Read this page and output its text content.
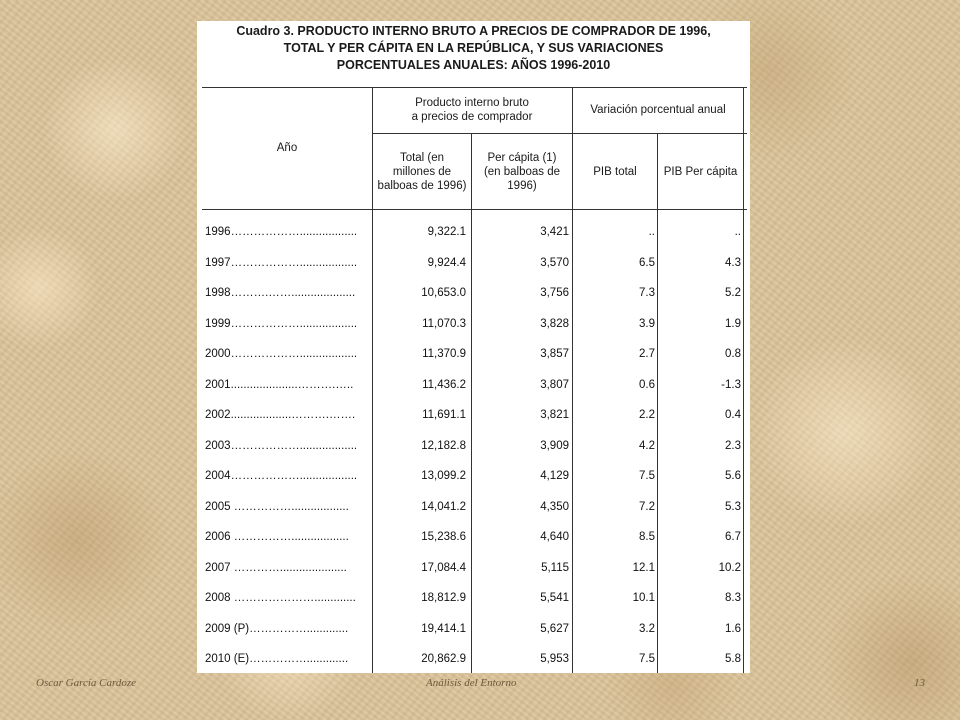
Cuadro 3. PRODUCTO INTERNO BRUTO A PRECIOS DE COMPRADOR DE 1996,
TOTAL Y PER CÁPITA EN LA REPÚBLICA, Y SUS VARIACIONES
PORCENTUALES ANUALES: AÑOS 1996-2010
Año
Producto interno bruto
a precios de comprador
Variación porcentual anual
Total (en
millones de
balboas de 1996)
Per cápita (1)
(en balboas de
1996)
PIB total	PIB Per cápita
1996………………..................	9,322.1	3,421	..	..
1997………………..................	9,924.4	3,570	6.5	4.3
1998……….……....................	10,653.0	3,756	7.3	5.2
1999………………..................	11,070.3	3,828	3.9	1.9
2000………………..................	11,370.9	3,857	2.7	0.8
2001.....................……….…..	11,436.2	3,807	0.6	-1.3
2002...................……….…….	11,691.1	3,821	2.2	0.4
2003………………..................	12,182.8	3,909	4.2	2.3
2004………………..................	13,099.2	4,129	7.5	5.6
2005 ……………..................	14,041.2	4,350	7.2	5.3
2006 ……………..................	15,238.6	4,640	8.5	6.7
2007 ………….....................	17,084.4	5,115	12.1	10.2
2008 ………………….............	18,812.9	5,541	10.1	8.3
2009 (P)…………….............	19,414.1	5,627	3.2	1.6
2010 (E)…………….............	20,862.9	5,953	7.5	5.8
Oscar García Cardoze	Análisis del Entorno	13
